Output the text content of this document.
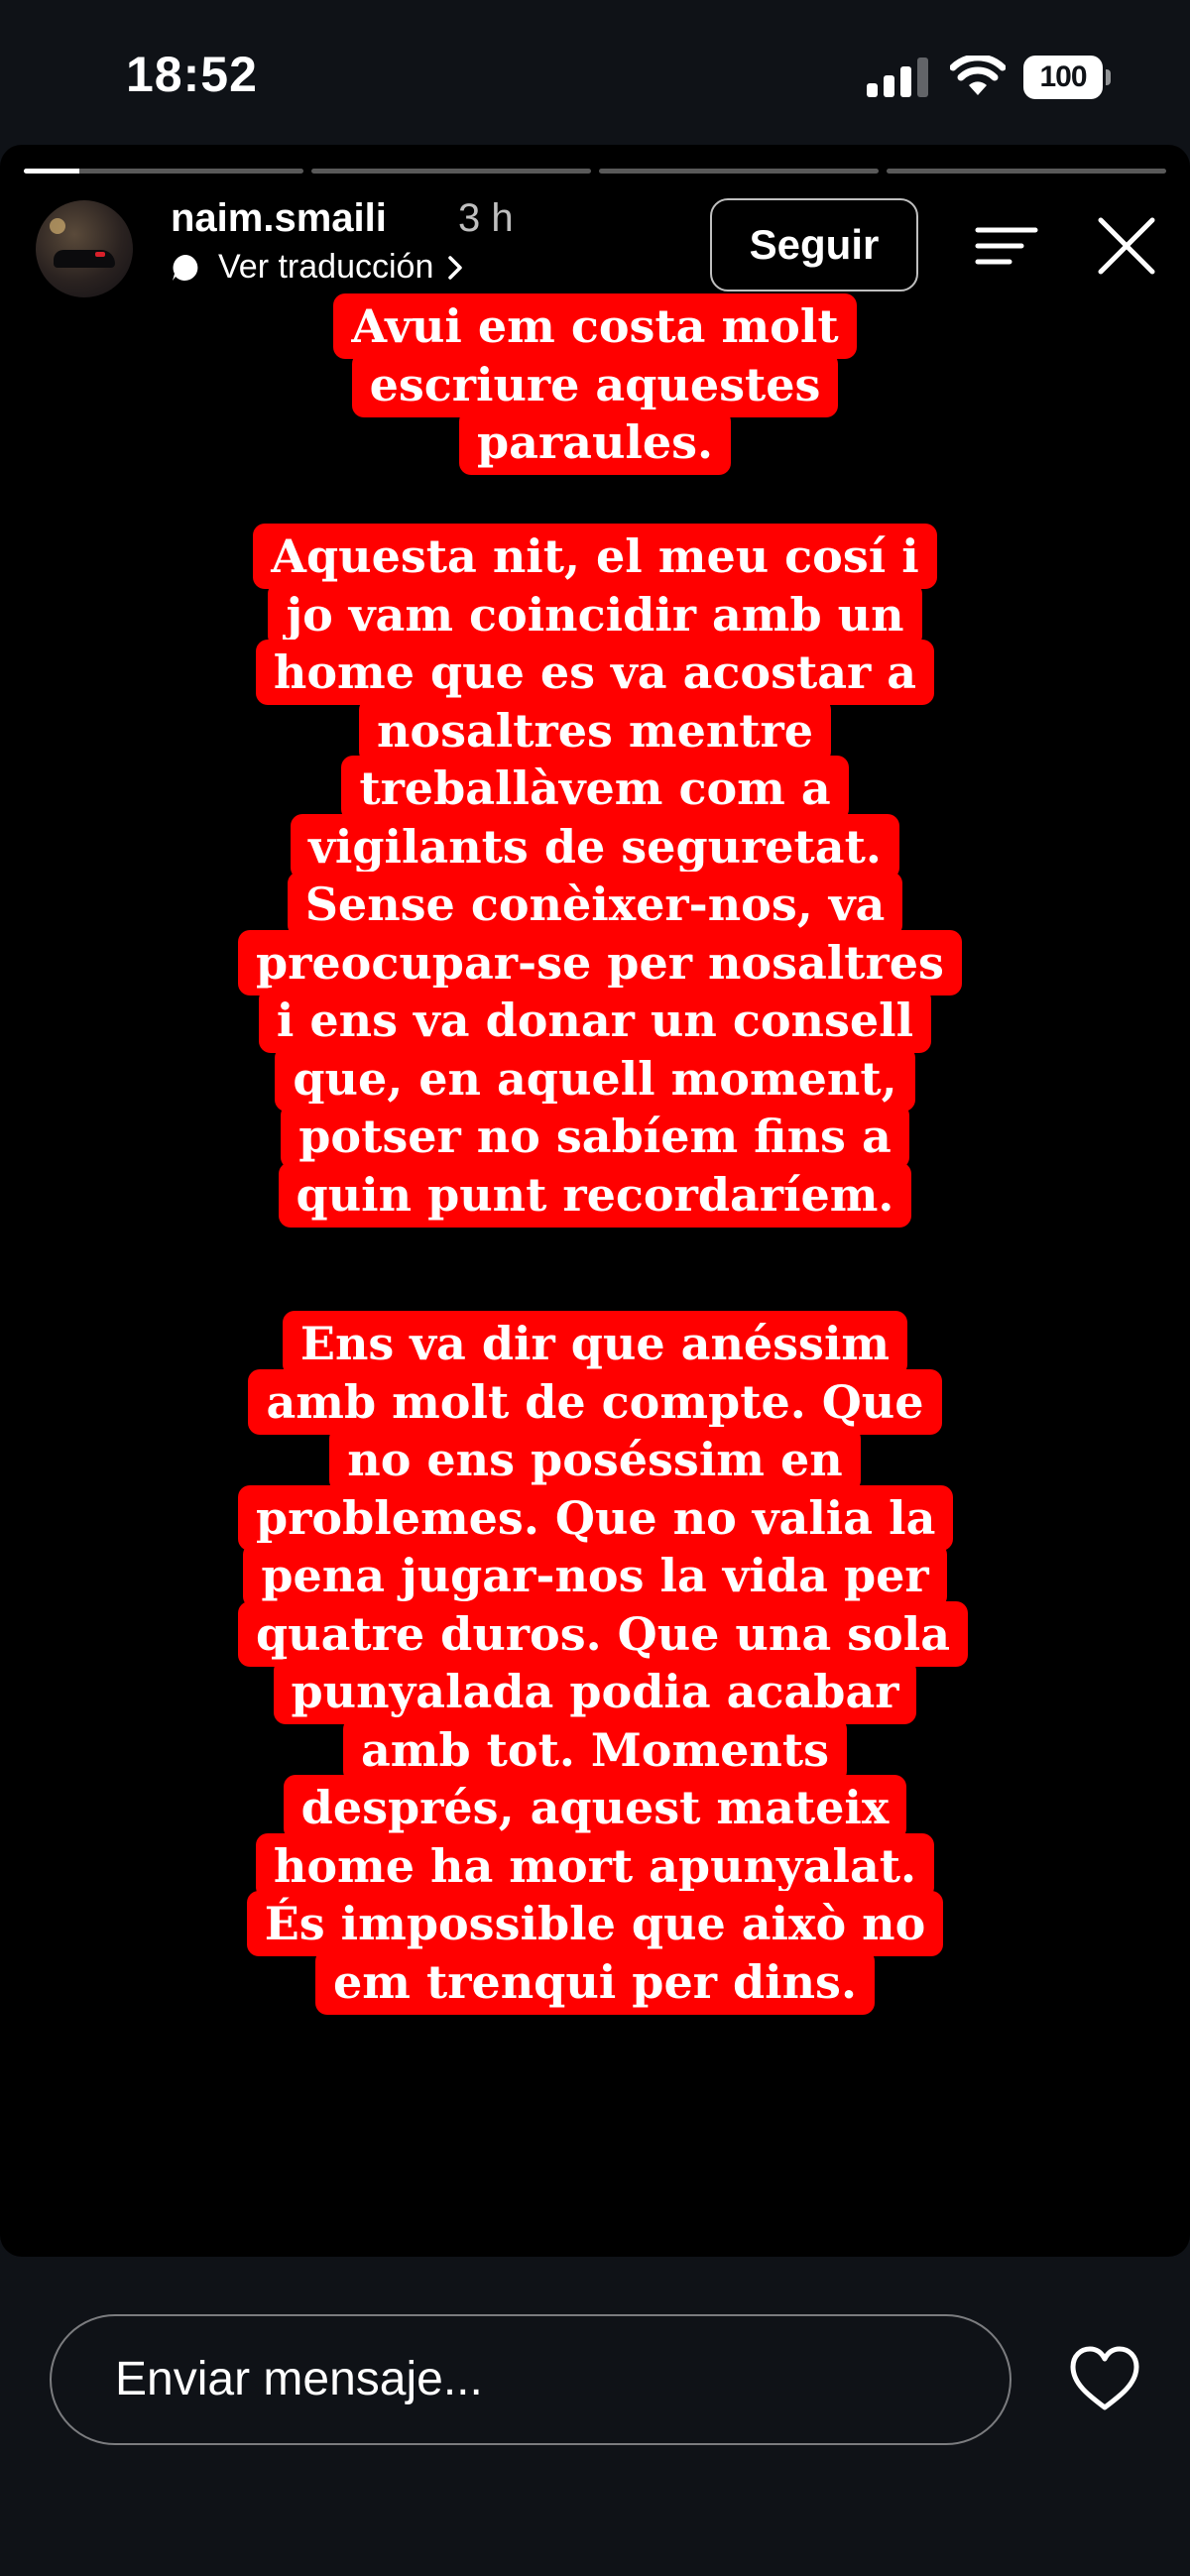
18:52	100
naim.smaili 3 h
Ver traducción	Seguir
Avui em costa molt escriure aquestes paraules.
Aquesta nit, el meu cosí i jo vam coincidir amb un home que es va acostar a nosaltres mentre treballàvem com a vigilants de seguretat. Sense conèixer-nos, va preocupar-se per nosaltres i ens va donar un consell que, en aquell moment, potser no sabíem fins a quin punt recordaríem.
Ens va dir que anéssim amb molt de compte. Que no ens poséssim en problemes. Que no valia la pena jugar-nos la vida per quatre duros. Que una sola punyalada podia acabar amb tot. Moments després, aquest mateix home ha mort apunyalat. És impossible que això no em trenqui per dins.
Enviar mensaje...
